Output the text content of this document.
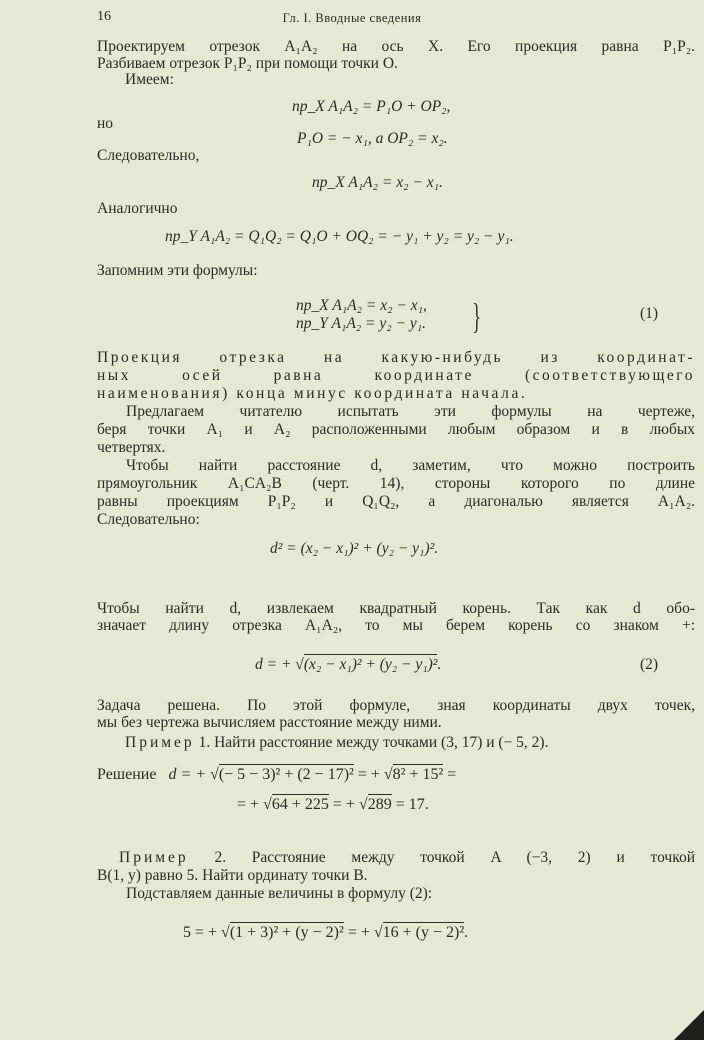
16	Гл. I. Вводные сведения
Проектируем отрезок A₁A₂ на ось X. Его проекция равна P₁P₂.
Разбиваем отрезок P₁P₂ при помощи точки O.
Имеем:
пр_X A₁A₂ = P₁O + OP₂,
но
P₁O = − x₁, а OP₂ = x₂.
Следовательно,
пр_X A₁A₂ = x₂ − x₁.
Аналогично
пр_Y A₁A₂ = Q₁Q₂ = Q₁O + OQ₂ = − y₁ + y₂ = y₂ − y₁.
Запомним эти формулы:
пр_X A₁A₂ = x₂ − x₁,
пр_Y A₁A₂ = y₂ − y₁. }	(1)
Проекция отрезка на какую-нибудь из координат-
ных осей равна координате (соответствующего
наименования) конца минус координата начала.
Предлагаем читателю испытать эти формулы на чертеже,
беря точки A₁ и A₂ расположенными любым образом и в любых
четвертях.
Чтобы найти расстояние d, заметим, что можно построить
прямоугольник A₁CA₂B (черт. 14), стороны которого по длине
равны проекциям P₁P₂ и Q₁Q₂, а диагональю является A₁A₂.
Следовательно:
d² = (x₂ − x₁)² + (y₂ − y₁)².
Чтобы найти d, извлекаем квадратный корень. Так как d обо-
значает длину отрезка A₁A₂, то мы берем корень со знаком +:
d = + √(x₂ − x₁)² + (y₂ − y₁)².	(2)
Задача решена. По этой формуле, зная координаты двух точек,
мы без чертежа вычисляем расстояние между ними.
Пример 1. Найти расстояние между точками (3, 17) и (− 5, 2).
Решение d = + √(− 5 − 3)² + (2 − 17)² = + √8² + 15² =
= + √64 + 225 = + √289 = 17.
Пример 2. Расстояние между точкой A (−3, 2) и точкой
B(1, y) равно 5. Найти ординату точки B.
Подставляем данные величины в формулу (2):
5 = + √(1 + 3)² + (y − 2)² = + √16 + (y − 2)².
